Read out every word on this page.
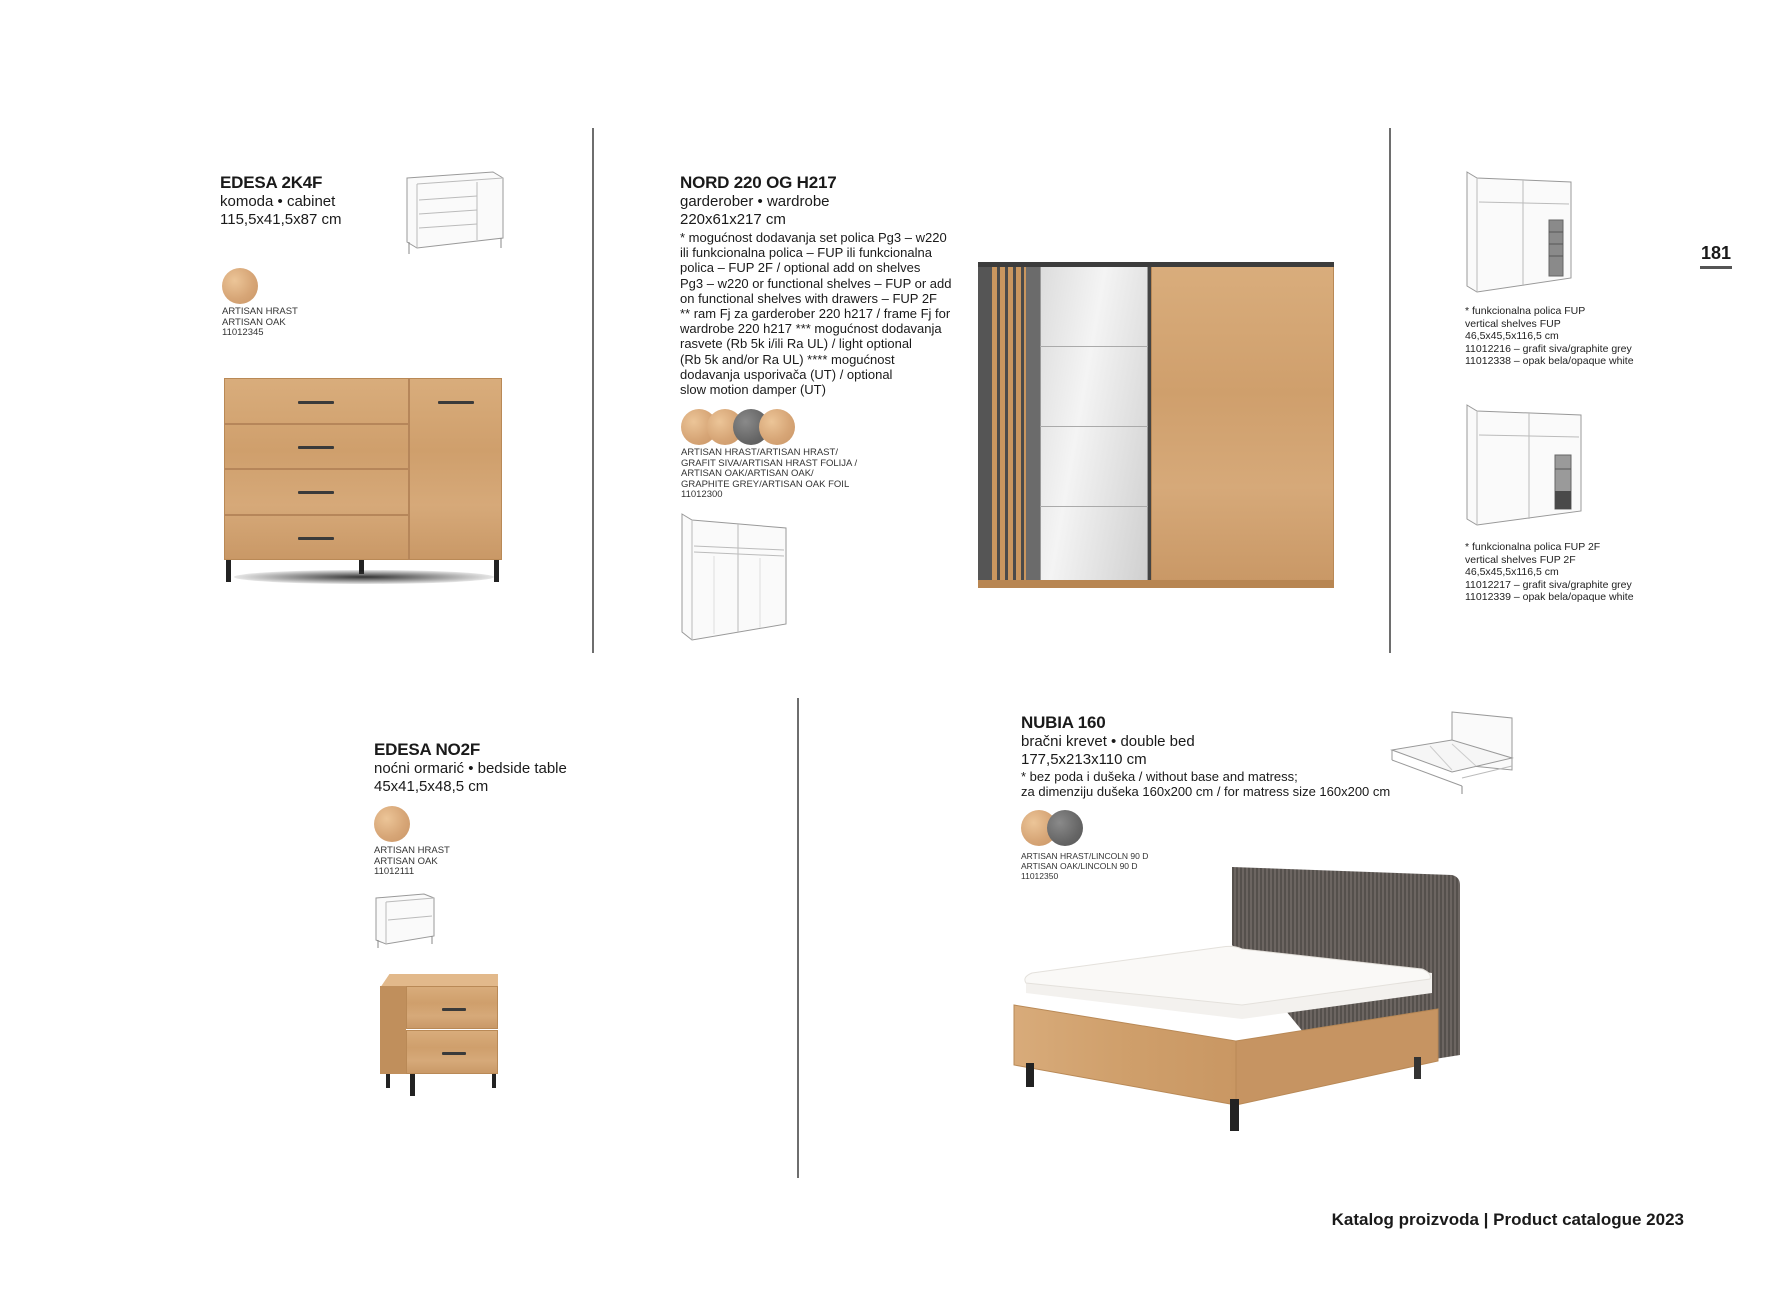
181
EDESA 2K4F
komoda • cabinet
115,5x41,5x87 cm
ARTISAN HRAST
ARTISAN OAK
11012345
NORD 220 OG H217
garderober • wardrobe
220x61x217 cm
* mogućnost dodavanja set polica Pg3 – w220
ili funkcionalna polica – FUP ili funkcionalna
polica – FUP 2F / optional add on shelves
Pg3 – w220 or functional shelves – FUP or add
on functional shelves with drawers – FUP 2F
** ram Fj za garderober 220 h217 / frame Fj for
wardrobe 220 h217 *** mogućnost dodavanja
rasvete (Rb 5k i/ili Ra UL) / light optional
(Rb 5k and/or Ra UL) **** mogućnost
dodavanja usporivača (UT) / optional
slow motion damper (UT)
ARTISAN HRAST/ARTISAN HRAST/
GRAFIT SIVA/ARTISAN HRAST FOLIJA /
ARTISAN OAK/ARTISAN OAK/
GRAPHITE GREY/ARTISAN OAK FOIL
11012300
* funkcionalna polica FUP
vertical shelves FUP
46,5x45,5x116,5 cm
11012216 – grafit siva/graphite grey
11012338 – opak bela/opaque white
* funkcionalna polica FUP 2F
vertical shelves FUP 2F
46,5x45,5x116,5 cm
11012217 – grafit siva/graphite grey
11012339 – opak bela/opaque white
EDESA NO2F
noćni ormarić • bedside table
45x41,5x48,5 cm
ARTISAN HRAST
ARTISAN OAK
11012111
NUBIA 160
bračni krevet • double bed
177,5x213x110 cm
* bez poda i dušeka / without base and matress;
za dimenziju dušeka 160x200 cm / for matress size 160x200 cm
ARTISAN HRAST/LINCOLN 90 D
ARTISAN OAK/LINCOLN 90 D
11012350
Katalog proizvoda | Product catalogue 2023
